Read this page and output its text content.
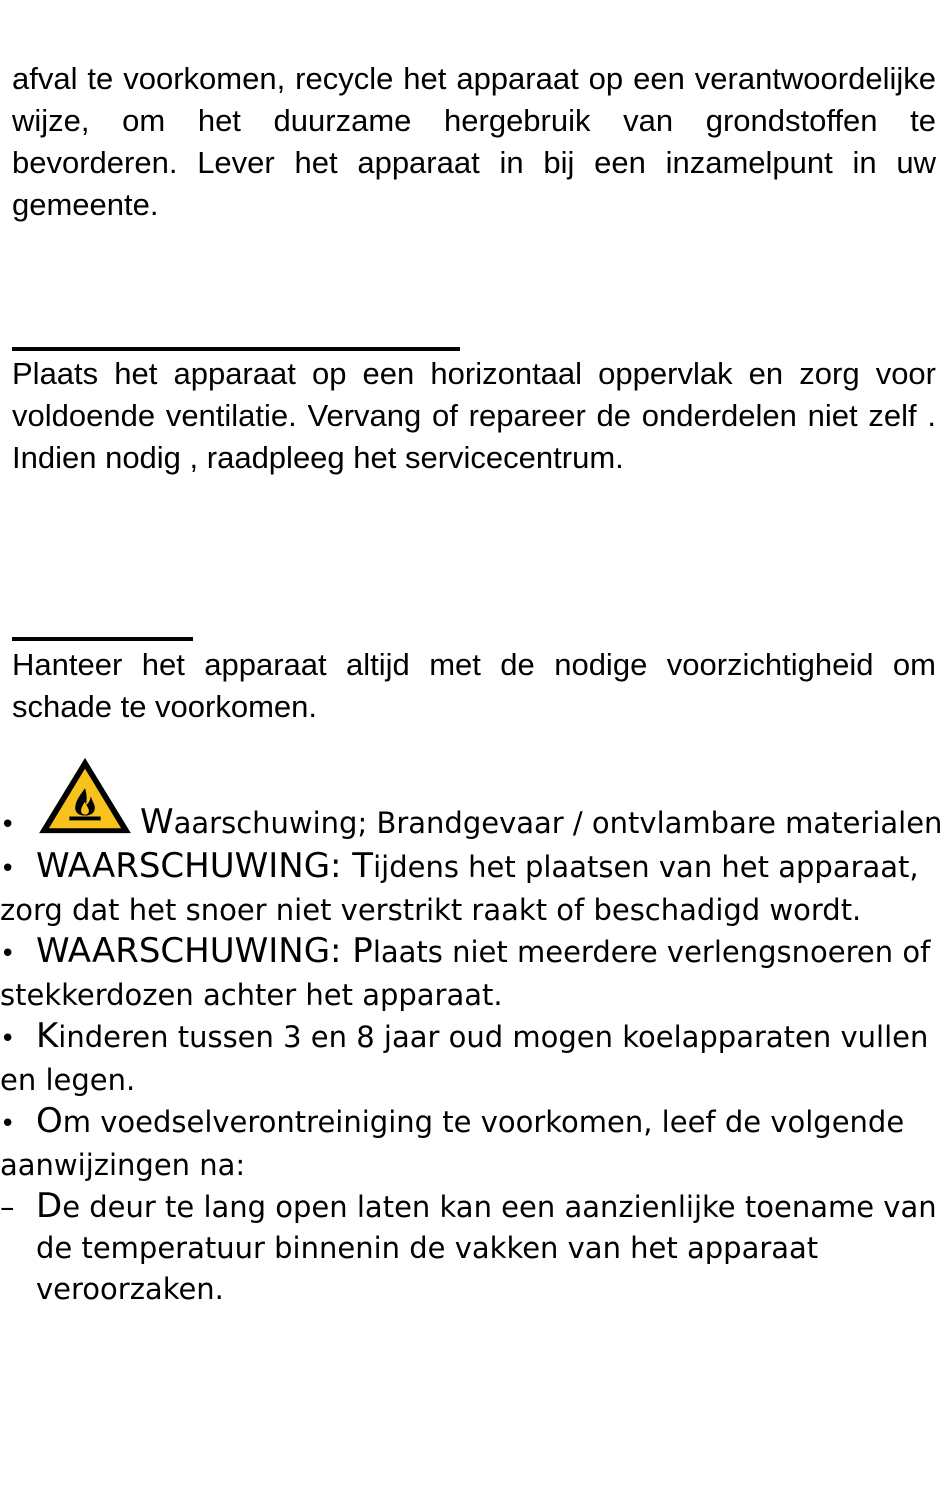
afval te voorkomen, recycle het apparaat op een verantwoordelijke wijze, om het duurzame hergebruik van grondstoffen te bevorderen. Lever het apparaat in bij een inzamelpunt in uw gemeente.

Plaats het apparaat op een horizontaal oppervlak en zorg voor voldoende ventilatie. Vervang of repareer de onderdelen niet zelf . Indien nodig , raadpleeg het servicecentrum.

Hanteer het apparaat altijd met de nodige voorzichtigheid om schade te voorkomen.

•	Waarschuwing; Brandgevaar / ontvlambare materialen
• WAARSCHUWING: Tijdens het plaatsen van het apparaat, zorg dat het snoer niet verstrikt raakt of beschadigd wordt.
• WAARSCHUWING: Plaats niet meerdere verlengsnoeren of stekkerdozen achter het apparaat.
• Kinderen tussen 3 en 8 jaar oud mogen koelapparaten vullen en legen.
• Om voedselverontreiniging te voorkomen, leef de volgende aanwijzingen na:
– De deur te lang open laten kan een aanzienlijke toename van de temperatuur binnenin de vakken van het apparaat veroorzaken.
